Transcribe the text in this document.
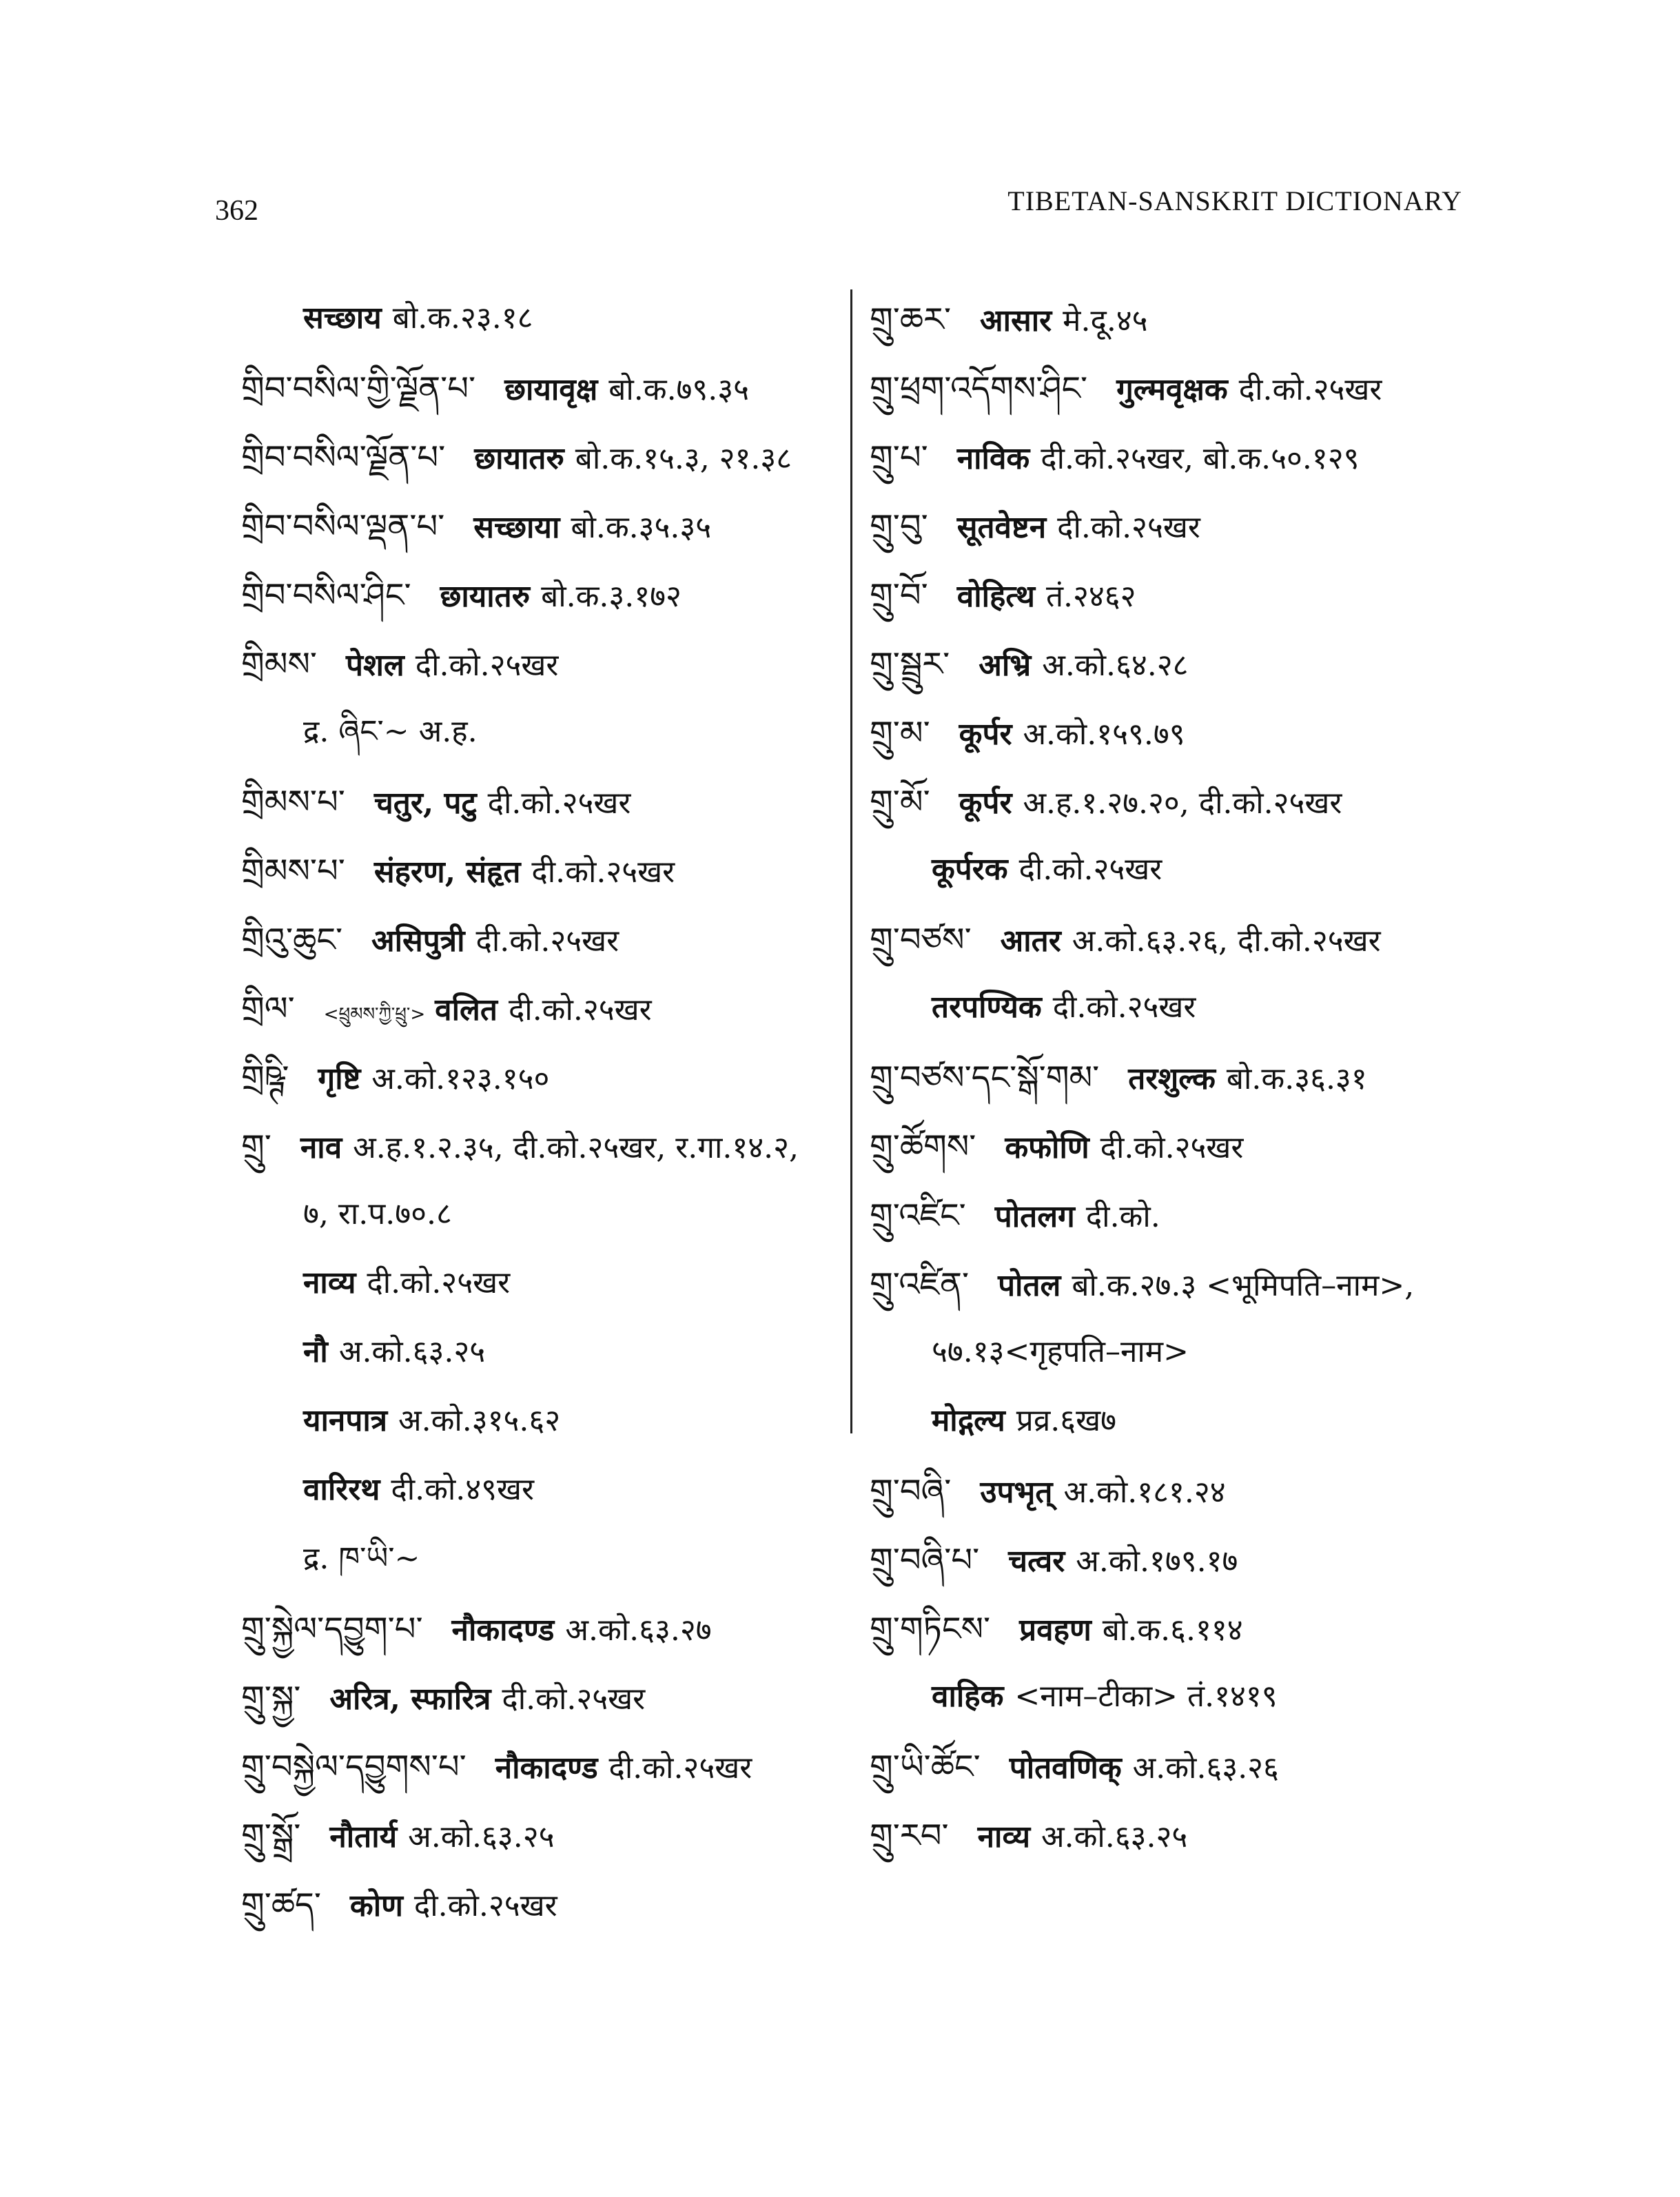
362	TIBETAN-SANSKRIT DICTIONARY
सच्छाय बो.क.२३.१८
གྲིབ་བསིལ་གྱི་ལྗོན་པ་ छायावृक्ष बो.क.७९.३५
གྲིབ་བསིལ་ལྗོན་པ་ छायातरु बो.क.१५.३, २१.३८
གྲིབ་བསིལ་ལྡན་པ་ सच्छाया बो.क.३५.३५
གྲིབ་བསིལ་ཤིང་ छायातरु बो.क.३.१७२
གྲིམས་ पेशल दी.को.२५खर
द्र. ཞིང་~ अ.ह.
གྲིམས་པ་ चतुर, पटु दी.को.२५खर
གྲིམས་པ་ संहरण, संहृत दी.को.२५खर
གྲིའུ་ཆུང་ असिपुत्री दी.को.२५खर
གྲིལ་ <ཕྲུམས་ཀྱི་ཕྲུ་> वलित दी.को.२५खर
གྲིཥྚི་ गृष्टि अ.को.१२३.१५०
གྲུ་ नाव अ.ह.१.२.३५, दी.को.२५खर, र.गा.१४.२,
७, रा.प.७०.८
नाव्य दी.को.२५खर
नौ अ.को.६३.२५
यानपात्र अ.को.३१५.६२
वारिरथ दी.को.४९खर
द्र. ཁ་ཡི་~
གྲུ་སྐྱེལ་དབྱུག་པ་ नौकादण्ड अ.को.६३.२७
གྲུ་སྐྱ་ अरित्र, स्फारित्र दी.को.२५खर
གྲུ་བསྐྱེལ་དབྱུགས་པ་ नौकादण्ड दी.को.२५खर
གྲུ་སྒྲོ་ नौतार्य अ.को.६३.२५
གྲུ་ཚད་ कोण दी.को.२५खर
གྲུ་ཆར་ आसार मे.दू.४५
གྲུ་ཕྲག་འདོགས་ཤིང་ गुल्मवृक्षक दी.को.२५खर
གྲུ་པ་ नाविक दी.को.२५खर, बो.क.५०.१२९
གྲུ་བུ་ सूतवेष्टन दी.को.२५खर
གྲུ་བོ་ वोहित्थ तं.२४६२
གྲུ་སྦྲུར་ अभ्रि अ.को.६४.२८
གྲུ་མ་ कूर्पर अ.को.१५९.७९
གྲུ་མོ་ कूर्पर अ.ह.१.२७.२०, दी.को.२५खर
कूर्परक दी.को.२५खर
གྲུ་བཙས་ आतर अ.को.६३.२६, दी.को.२५खर
तरपण्यिक दी.को.२५खर
གྲུ་བཙས་དང་སྒོ་གམ་ तरशुल्क बो.क.३६.३१
གྲུ་ཚོགས་ कफोणि दी.को.२५खर
གྲུ་འཛིང་ पोतलग दी.को.
གྲུ་འཛིན་ पोतल बो.क.२७.३ <भूमिपति–नाम>,
५७.१३<गृहपति–नाम>
मोद्गल्य प्रव्र.६ख७
གྲུ་བཞི་ उपभृत् अ.को.१८१.२४
གྲུ་བཞི་པ་ चत्वर अ.को.१७९.१७
གྲུ་གཏིངས་ प्रवहण बो.क.६.११४
वाहिक <नाम–टीका> तं.१४१९
གྲུ་ཡི་ཚོང་ पोतवणिक् अ.को.६३.२६
གྲུ་རབ་ नाव्य अ.को.६३.२५
